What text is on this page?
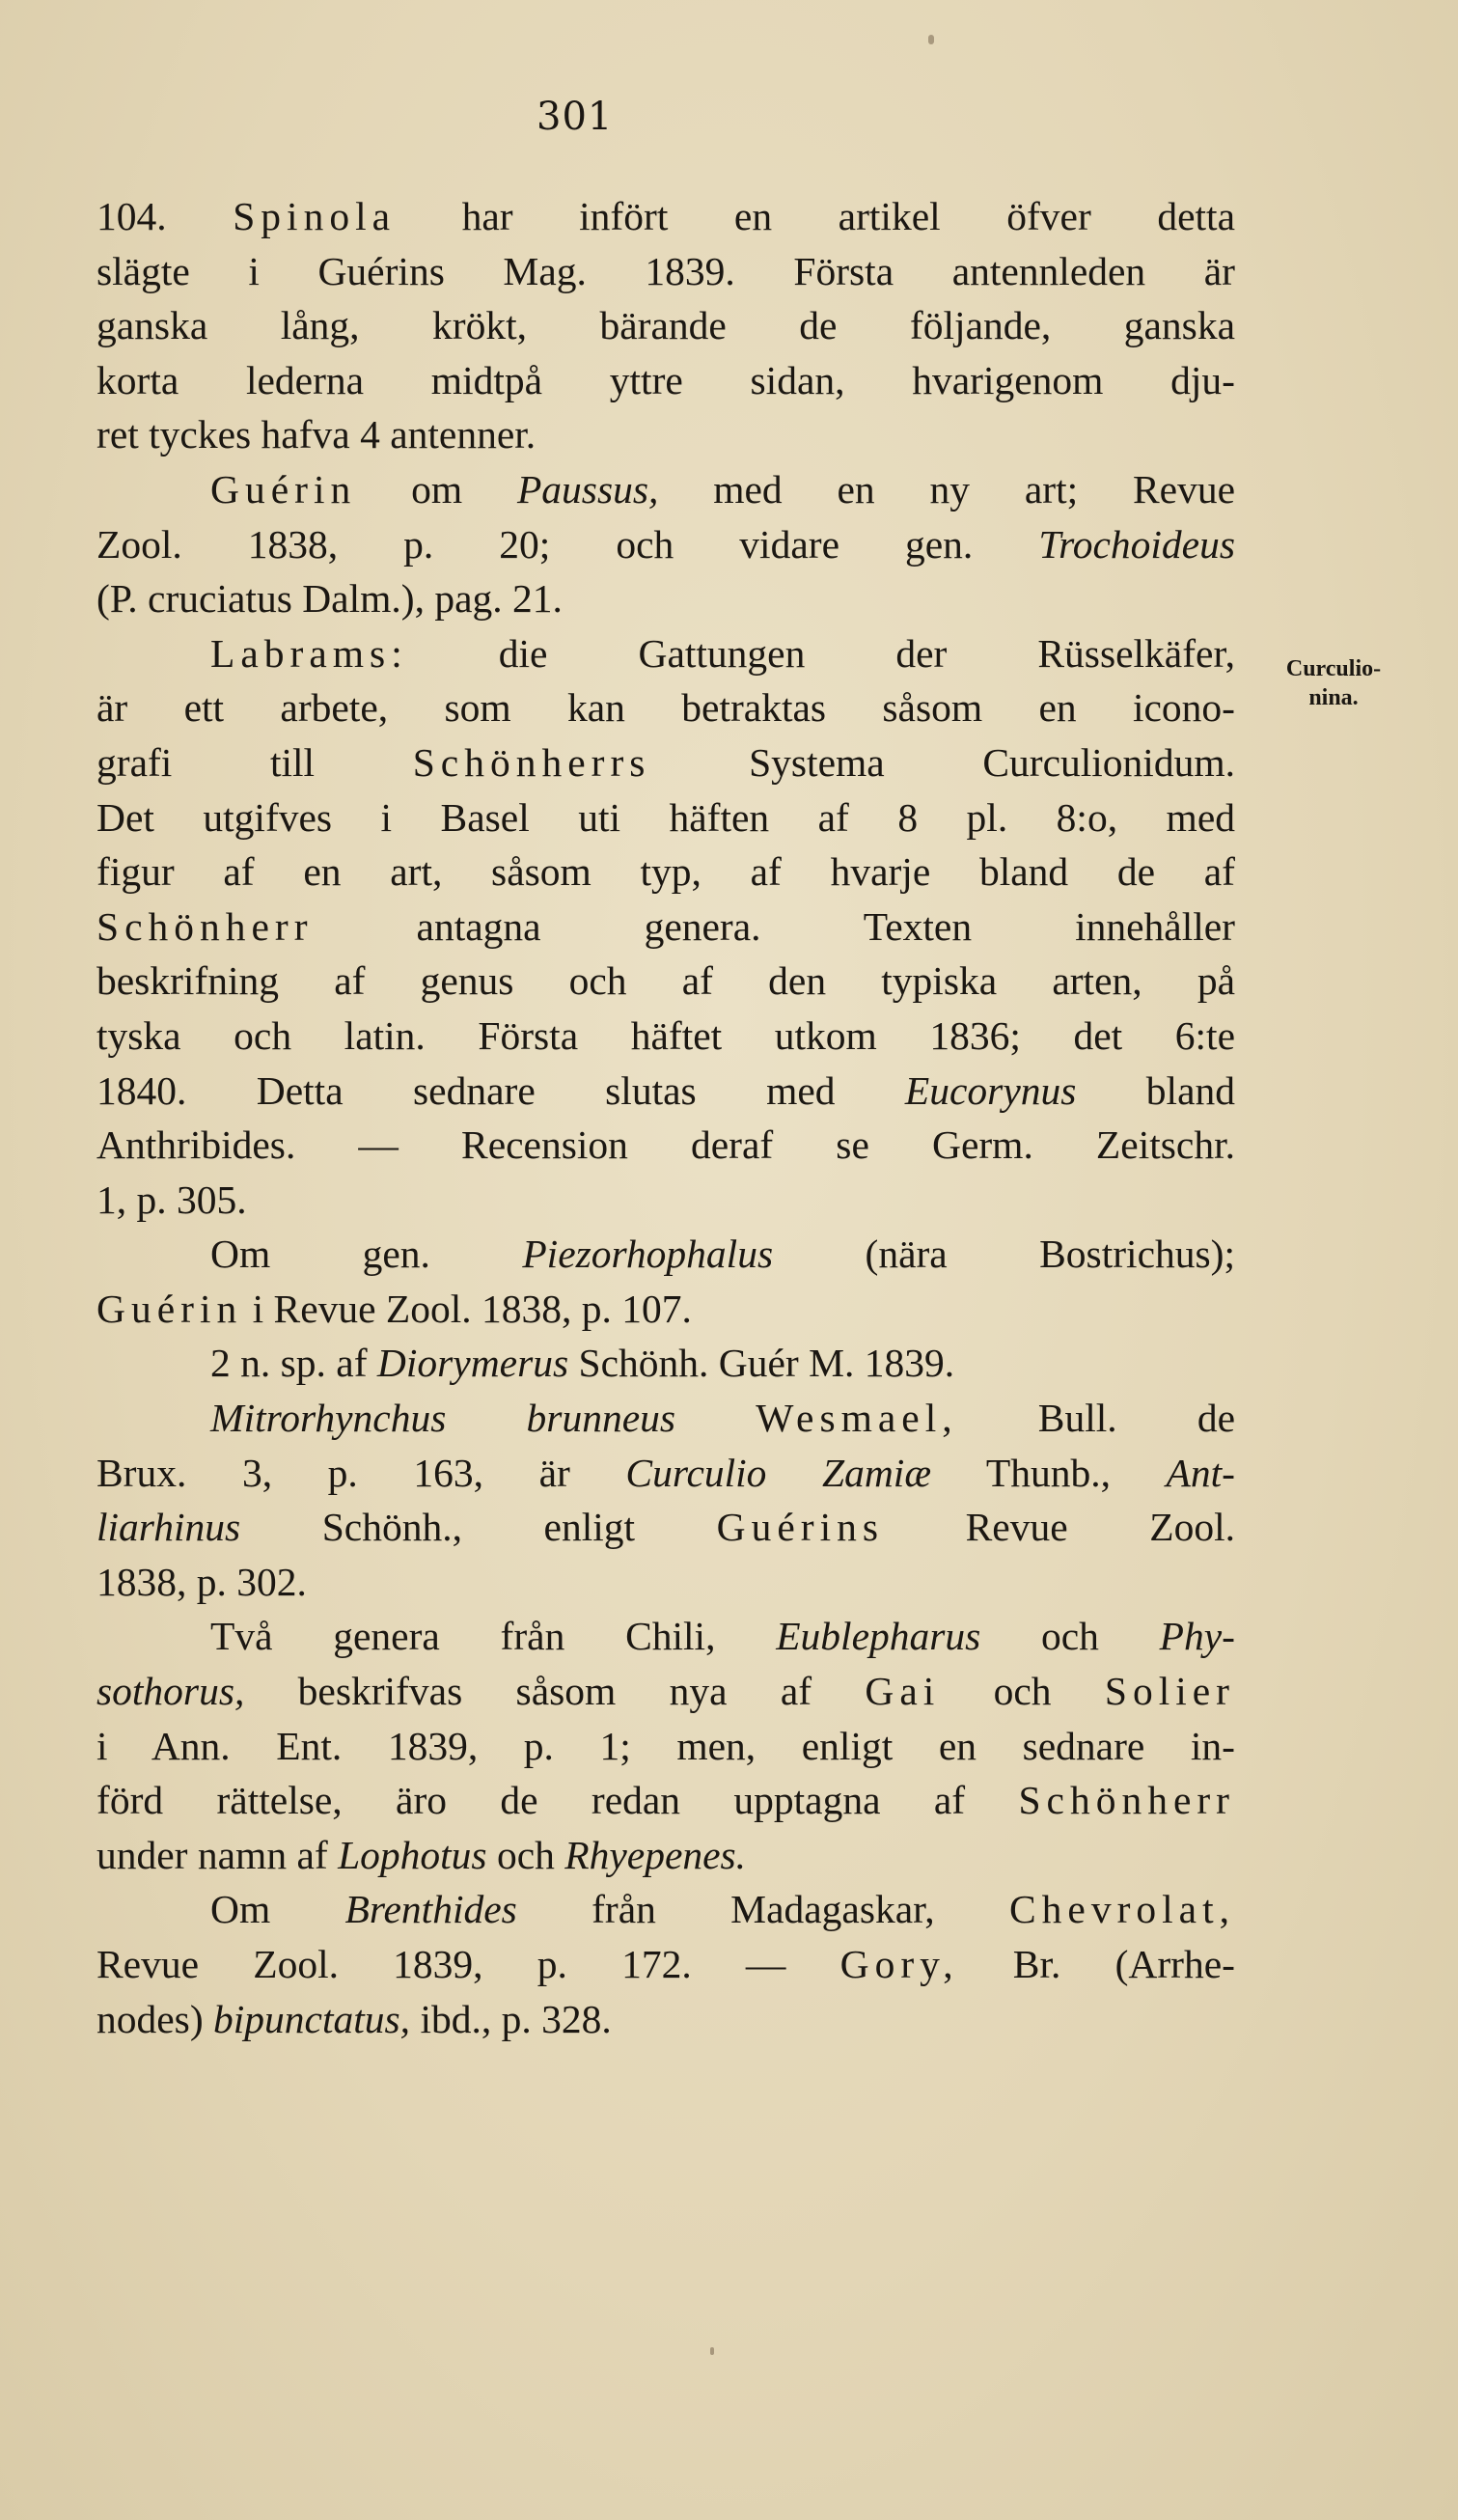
301
104. Spinola har infört en artikel öfver detta
slägte i Guérins Mag. 1839. Första antennleden är
ganska lång, krökt, bärande de följande, ganska
korta lederna midtpå yttre sidan, hvarigenom dju-
ret tyckes hafva 4 antenner.
Guérin om Paussus, med en ny art; Revue
Zool. 1838, p. 20; och vidare gen. Trochoideus
(P. cruciatus Dalm.), pag. 21.
Labrams: die Gattungen der Rüsselkäfer,
är ett arbete, som kan betraktas såsom en icono-
grafi till Schönherrs Systema Curculionidum.
Det utgifves i Basel uti häften af 8 pl. 8:o, med
figur af en art, såsom typ, af hvarje bland de af
Schönherr antagna genera. Texten innehåller
beskrifning af genus och af den typiska arten, på
tyska och latin. Första häftet utkom 1836; det 6:te
1840. Detta sednare slutas med Eucorynus bland
Anthribides. — Recension deraf se Germ. Zeitschr.
1, p. 305.
Om gen. Piezorhophalus (nära Bostrichus);
Guérin i Revue Zool. 1838, p. 107.
2 n. sp. af Diorymerus Schönh. Guér M. 1839.
Mitrorhynchus brunneus Wesmael, Bull. de
Brux. 3, p. 163, är Curculio Zamiæ Thunb., Ant-
liarhinus Schönh., enligt Guérins Revue Zool.
1838, p. 302.
Två genera från Chili, Eublepharus och Phy-
sothorus, beskrifvas såsom nya af Gai och Solier
i Ann. Ent. 1839, p. 1; men, enligt en sednare in-
förd rättelse, äro de redan upptagna af Schönherr
under namn af Lophotus och Rhyepenes.
Om Brenthides från Madagaskar, Chevrolat,
Revue Zool. 1839, p. 172. — Gory, Br. (Arrhe-
nodes) bipunctatus, ibd., p. 328.
Curculio-
nina.
